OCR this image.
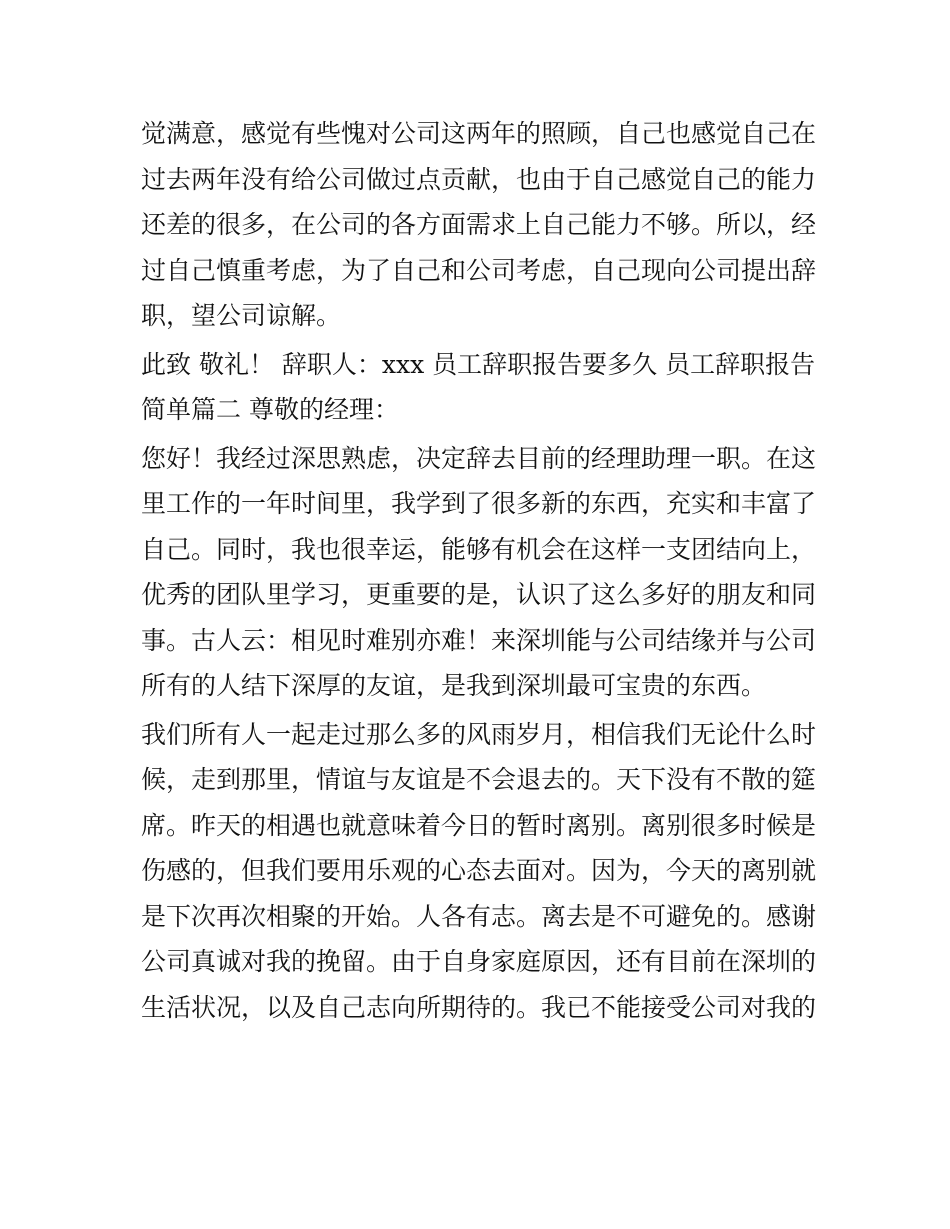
觉满意，感觉有些愧对公司这两年的照顾，自己也感觉自己在
过去两年没有给公司做过点贡献，也由于自己感觉自己的能力
还差的很多，在公司的各方面需求上自己能力不够。所以，经
过自己慎重考虑，为了自己和公司考虑，自己现向公司提出辞
职，望公司谅解。
此致 敬礼！ 辞职人：xxx 员工辞职报告要多久 员工辞职报告
简单篇二 尊敬的经理：
您好！我经过深思熟虑，决定辞去目前的经理助理一职。在这
里工作的一年时间里，我学到了很多新的东西，充实和丰富了
自己。同时，我也很幸运，能够有机会在这样一支团结向上，
优秀的团队里学习，更重要的是，认识了这么多好的朋友和同
事。古人云：相见时难别亦难！来深圳能与公司结缘并与公司
所有的人结下深厚的友谊，是我到深圳最可宝贵的东西。
我们所有人一起走过那么多的风雨岁月，相信我们无论什么时
候，走到那里，情谊与友谊是不会退去的。天下没有不散的筵
席。昨天的相遇也就意味着今日的暂时离别。离别很多时候是
伤感的，但我们要用乐观的心态去面对。因为，今天的离别就
是下次再次相聚的开始。人各有志。离去是不可避免的。感谢
公司真诚对我的挽留。由于自身家庭原因，还有目前在深圳的
生活状况，以及自己志向所期待的。我已不能接受公司对我的
